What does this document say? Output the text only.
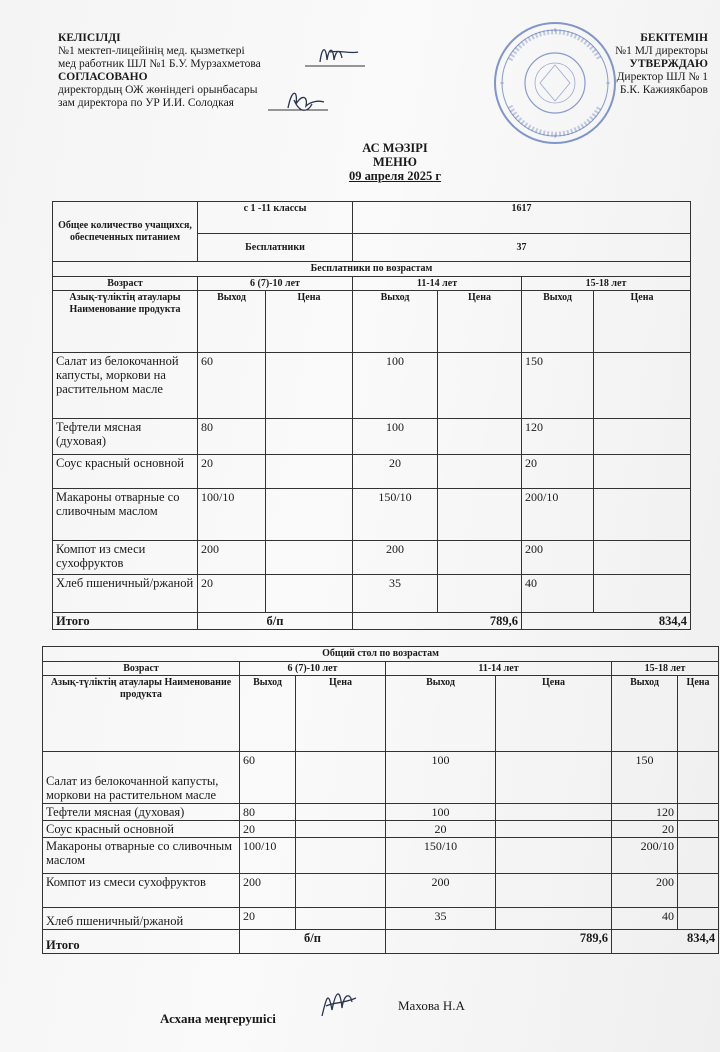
КЕЛІСІЛДІ
№1 мектеп-лицейінің мед. қызметкері
мед работник ШЛ №1 Б.У. Мурзахметова
СОГЛАСОВАНО
директордың ОЖ жөніндегі орынбасары
зам директора по УР И.И. Солодкая
БЕКІТЕМІН
№1 МЛ директоры
УТВЕРЖДАЮ
Директор ШЛ № 1
Б.К. Кажиякбаров
АС МӘЗІРІ
МЕНЮ
09 апреля 2025 г
Общее количество учащихся, обеспеченных питанием	с 1 -11 классы		1617			
	Бесплатники		37			
Бесплатники по возрастам						
Возраст	6 (7)-10 лет		11-14 лет		15-18 лет	
Азық-түліктің атаулары Наименование продукта	Выход	Цена	Выход	Цена	Выход	Цена
Салат из белокочанной капусты, моркови на растительном масле	60		100		150	
Тефтели мясная (духовая)	80		100		120	
Соус красный основной	20		20		20	
Макароны отварные со сливочным маслом	100/10		150/10		200/10	
Компот из смеси сухофруктов	200		200		200	
Хлеб пшеничный/ржаной	20		35		40	
Итого	б/п		789,6		834,4	
Общий стол по возрастам						
Возраст	6 (7)-10 лет		11-14 лет		15-18 лет	
Азық-түліктің атаулары Наименование продукта	Выход	Цена	Выход	Цена	Выход	Цена
Салат из белокочанной капусты, моркови на растительном масле	60		100		150	
Тефтели мясная (духовая)	80		100		120	
Соус красный основной	20		20		20	
Макароны отварные со сливочным маслом	100/10		150/10		200/10	
Компот из смеси сухофруктов	200		200		200	
Хлеб пшеничный/ржаной	20		35		40	
Итого	б/п		789,6		834,4	
Асхана меңгерушісі
Махова Н.А
